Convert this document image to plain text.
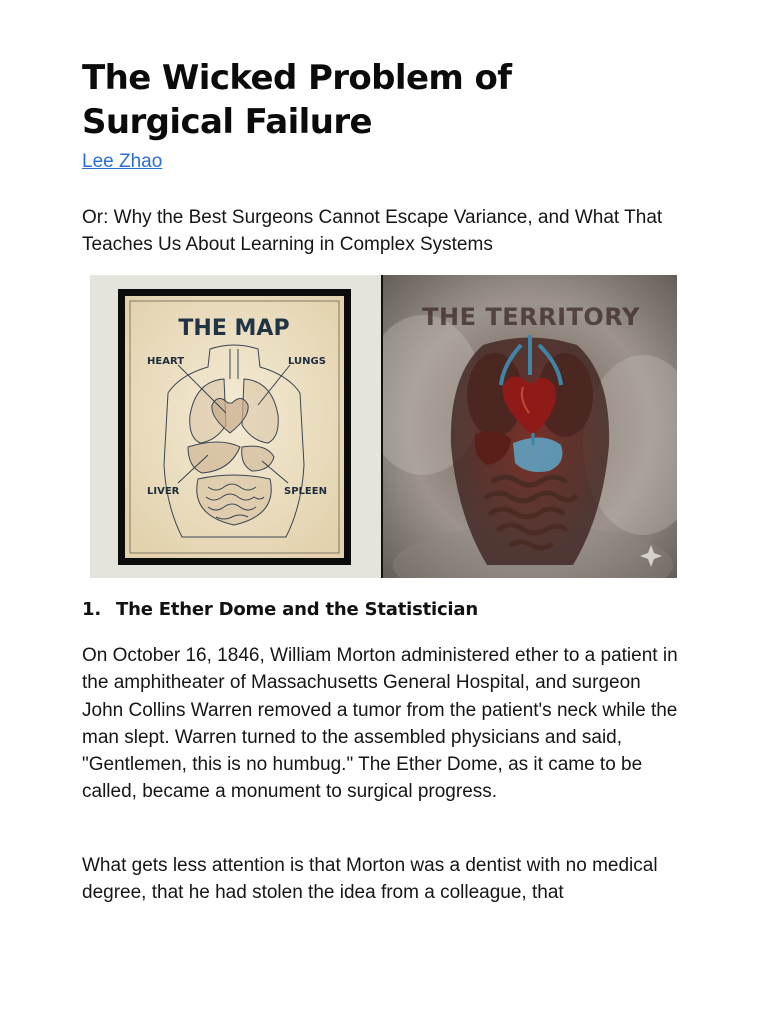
The Wicked Problem of
Surgical Failure
Lee Zhao

Or: Why the Best Surgeons Cannot Escape Variance, and What That Teaches Us About Learning in Complex Systems

THE MAP
HEART	LUNGS
LIVER	SPLEEN
THE TERRITORY
1. The Ether Dome and the Statistician

On October 16, 1846, William Morton administered ether to a patient in the amphitheater of Massachusetts General Hospital, and surgeon John Collins Warren removed a tumor from the patient's neck while the man slept. Warren turned to the assembled physicians and said, "Gentlemen, this is no humbug." The Ether Dome, as it came to be called, became a monument to surgical progress.

What gets less attention is that Morton was a dentist with no medical degree, that he had stolen the idea from a colleague, that
